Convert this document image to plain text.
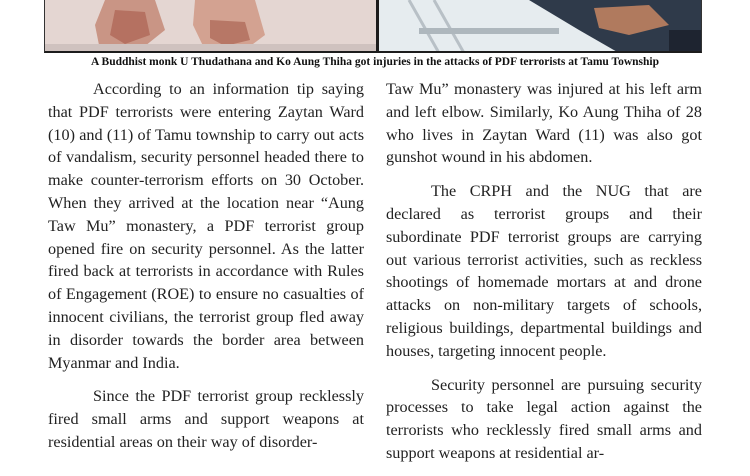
A Buddhist monk U Thudathana and Ko Aung Thiha got injuries in the attacks of PDF terrorists at Tamu Township

According to an information tip saying that PDF terrorists were entering Zaytan Ward (10) and (11) of Tamu township to carry out acts of vandalism, security personnel headed there to make counter-terrorism efforts on 30 October. When they arrived at the location near “Aung Taw Mu” monastery, a PDF terrorist group opened fire on security personnel. As the latter fired back at terrorists in accordance with Rules of Engagement (ROE) to ensure no casualties of innocent civilians, the terrorist group fled away in disorder towards the border area between Myanmar and India.

Since the PDF terrorist group recklessly fired small arms and support weapons at residential areas on their way of disorder-

Taw Mu” monastery was injured at his left arm and left elbow. Similarly, Ko Aung Thiha of 28 who lives in Zaytan Ward (11) was also got gunshot wound in his abdomen.

The CRPH and the NUG that are declared as terrorist groups and their subordinate PDF terrorist groups are carrying out various terrorist activities, such as reckless shootings of homemade mortars at and drone attacks on non-military targets of schools, religious buildings, departmental buildings and houses, targeting innocent people.

Security personnel are pursuing security processes to take legal action against the terrorists who recklessly fired small arms and support weapons at residential ar-
